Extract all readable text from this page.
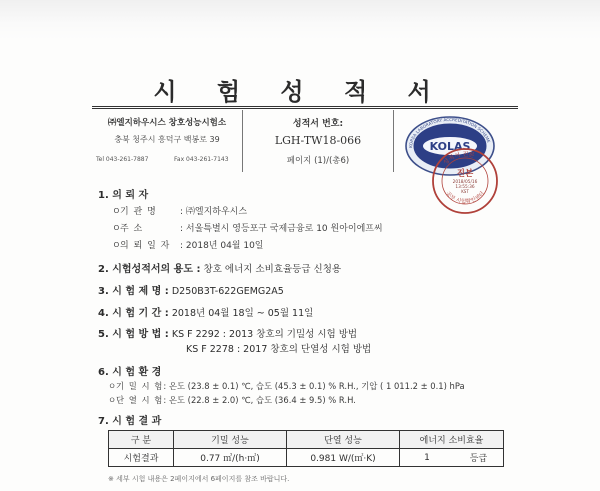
시 험 성 적 서
㈜엘지하우시스 창호성능시험소
충북 청주시 흥덕구 백봉로 39
Tel 043-261-7887	Fax 043-261-7143
성적서 번호:
LGH-TW18-066
페이지 (1)/(총6)
KOREA LABORATORY ACCREDITATION SCHEME
KOLAS
성적서 진본
공부 시험확인센터
진본
2018/05/16
13:55:36
KST
1. 의 뢰 자
ㅇ기 관 명	: ㈜엘지하우시스
ㅇ주 소	: 서울특별시 영등포구 국제금융로 10 원아이에프씨
ㅇ의 뢰 일 자 : 2018년 04월 10일
2. 시험성적서의 용도 : 창호 에너지 소비효율등급 신청용
3. 시 험 제 명 : D250B3T-622GEMG2A5
4. 시 험 기 간 : 2018년 04월 18일 ~ 05월 11일
5. 시 험 방 법 : KS F 2292 : 2013 창호의 기밀성 시험 방법
KS F 2278 : 2017 창호의 단열성 시험 방법
6. 시 험 환 경
ㅇ기 밀 시 험: 온도 (23.8 ± 0.1) ℃, 습도 (45.3 ± 0.1) % R.H., 기압 ( 1 011.2 ± 0.1) hPa
ㅇ단 열 시 험: 온도 (22.8 ± 2.0) ℃, 습도 (36.4 ± 9.5) % R.H.
7. 시 험 결 과
구 분	기밀 성능	단열 성능	에너지 소비효율	
시험결과	0.77 ㎥/(h·㎡)	0.981 W/(㎡·K)	1	등급
※ 세부 시험 내용은 2페이지에서 6페이지를 참조 바랍니다.
